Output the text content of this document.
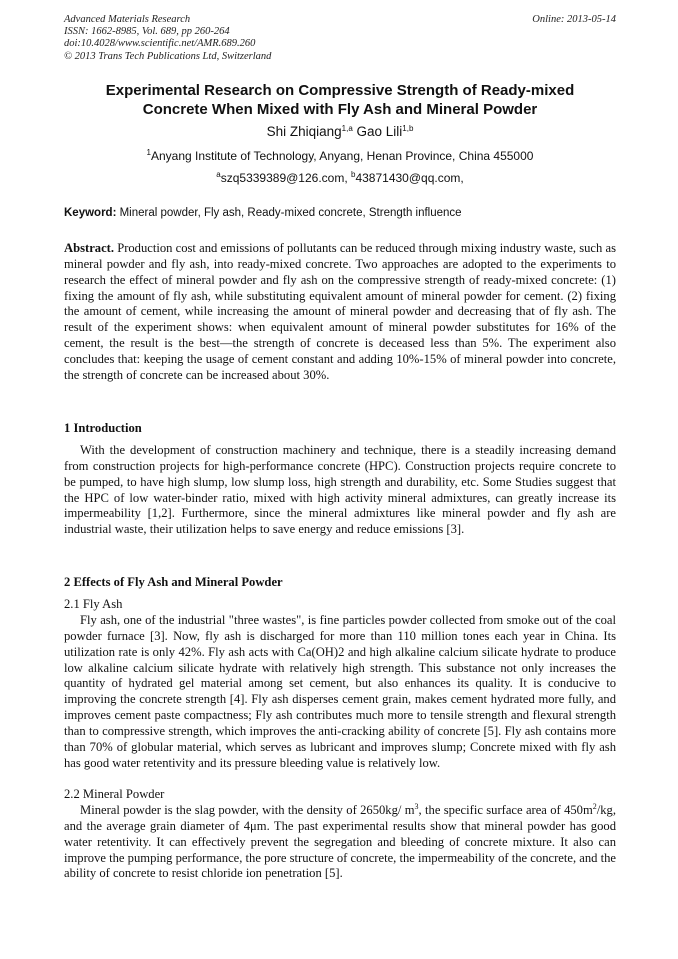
Advanced Materials Research
ISSN: 1662-8985, Vol. 689, pp 260-264
doi:10.4028/www.scientific.net/AMR.689.260
© 2013 Trans Tech Publications Ltd, Switzerland
Online: 2013-05-14
Experimental Research on Compressive Strength of Ready-mixed
Concrete When Mixed with Fly Ash and Mineral Powder
Shi Zhiqiang$^{1,a}$ Gao Lili$^{1,b}$
$^1$Anyang Institute of Technology, Anyang, Henan Province, China 455000
$^a$szq5339389@126.com, $^b$43871430@qq.com,
Keyword: Mineral powder, Fly ash, Ready-mixed concrete, Strength influence
Abstract. Production cost and emissions of pollutants can be reduced through mixing industry waste, such as mineral powder and fly ash, into ready-mixed concrete. Two approaches are adopted to the experiments to research the effect of mineral powder and fly ash on the compressive strength of ready-mixed concrete: (1) fixing the amount of fly ash, while substituting equivalent amount of mineral powder for cement. (2) fixing the amount of cement, while increasing the amount of mineral powder and decreasing that of fly ash. The result of the experiment shows: when equivalent amount of mineral powder substitutes for 16% of the cement, the result is the best—the strength of concrete is deceased less than 5%. The experiment also concludes that: keeping the usage of cement constant and adding 10%-15% of mineral powder into concrete, the strength of concrete can be increased about 30%.
1 Introduction
With the development of construction machinery and technique, there is a steadily increasing demand from construction projects for high-performance concrete (HPC). Construction projects require concrete to be pumped, to have high slump, low slump loss, high strength and durability, etc. Some Studies suggest that the HPC of low water-binder ratio, mixed with high activity mineral admixtures, can greatly increase its impermeability [1,2]. Furthermore, since the mineral admixtures like mineral powder and fly ash are industrial waste, their utilization helps to save energy and reduce emissions [3].
2 Effects of Fly Ash and Mineral Powder
2.1 Fly Ash
Fly ash, one of the industrial "three wastes", is fine particles powder collected from smoke out of the coal powder furnace [3]. Now, fly ash is discharged for more than 110 million tones each year in China. Its utilization rate is only 42%. Fly ash acts with Ca(OH)2 and high alkaline calcium silicate hydrate to produce low alkaline calcium silicate hydrate with relatively high strength. This substance not only increases the quantity of hydrated gel material among set cement, but also enhances its quality. It is conducive to improving the concrete strength [4]. Fly ash disperses cement grain, makes cement hydrated more fully, and improves cement paste compactness; Fly ash contributes much more to tensile strength and flexural strength than to compressive strength, which improves the anti-cracking ability of concrete [5]. Fly ash contains more than 70% of globular material, which serves as lubricant and improves slump; Concrete mixed with fly ash has good water retentivity and its pressure bleeding value is relatively low.
2.2 Mineral Powder
Mineral powder is the slag powder, with the density of 2650kg/ $m^3$, the specific surface area of $450m^2/kg$, and the average grain diameter of 4μm. The past experimental results show that mineral powder has good water retentivity. It can effectively prevent the segregation and bleeding of concrete mixture. It also can improve the pumping performance, the pore structure of concrete, the impermeability of the concrete, and the ability of concrete to resist chloride ion penetration [5].
